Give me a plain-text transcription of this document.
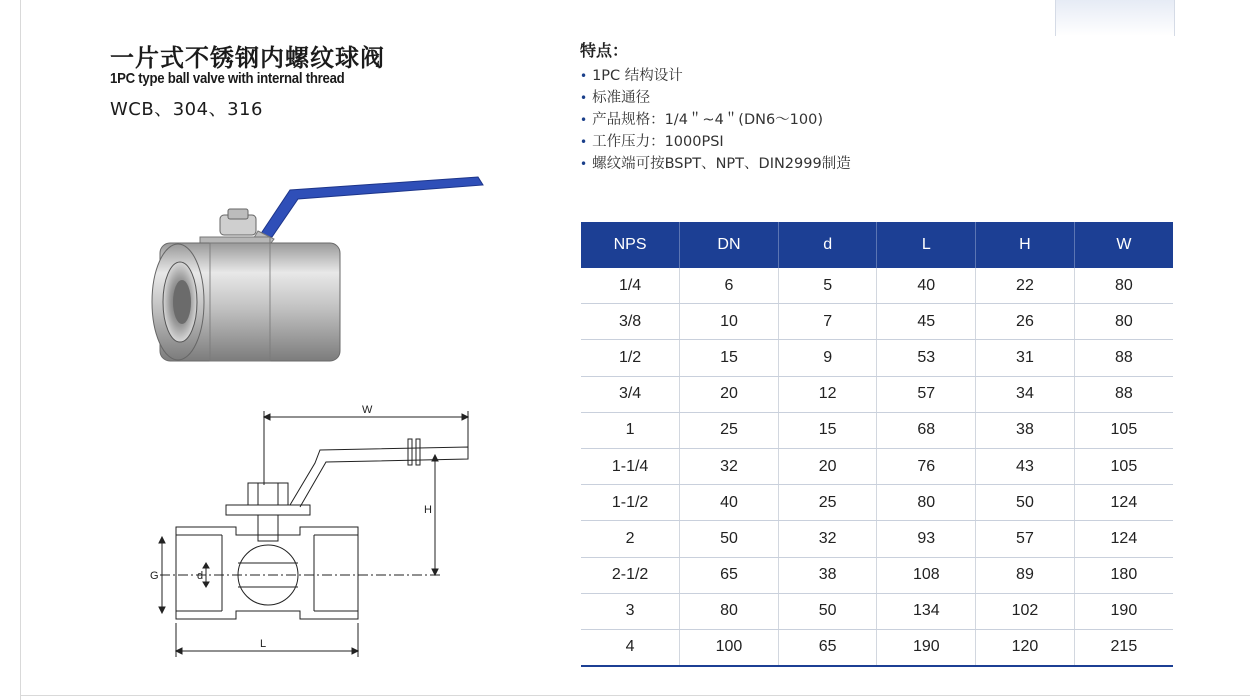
一片式不锈钢内螺纹球阀
1PC type ball valve with internal thread
WCB、304、316
特点：
• 1PC 结构设计
• 标准通径
• 产品规格：1/4＂~4＂(DN6～100)
• 工作压力：1000PSI
• 螺纹端可按BSPT、NPT、DIN2999制造
W
H
G	d
L
NPS	DN	d	L	H	W
1/4	6	5	40	22	80
3/8	10	7	45	26	80
1/2	15	9	53	31	88
3/4	20	12	57	34	88
1	25	15	68	38	105
1-1/4	32	20	76	43	105
1-1/2	40	25	80	50	124
2	50	32	93	57	124
2-1/2	65	38	108	89	180
3	80	50	134	102	190
4	100	65	190	120	215
